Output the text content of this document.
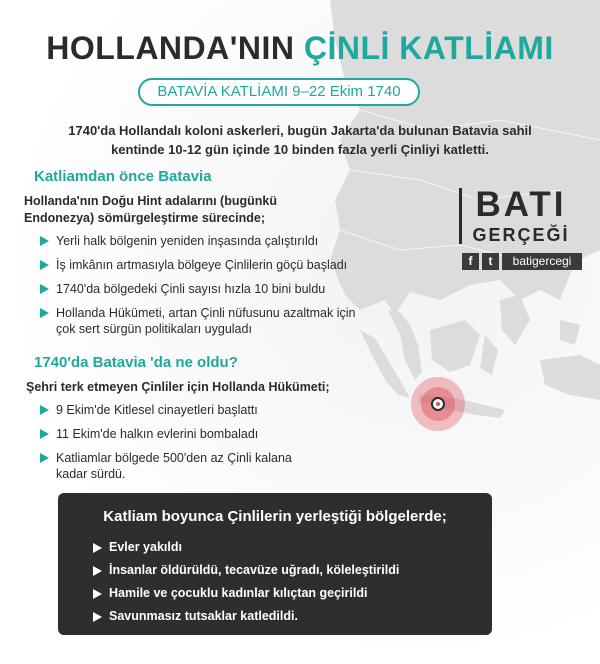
HOLLANDA'NIN ÇİNLİ KATLİAMI
BATAVİA KATLİAMI 9–22 Ekim 1740
1740'da Hollandalı koloni askerleri, bugün Jakarta'da bulunan Batavia sahil
kentinde 10-12 gün içinde 10 binden fazla yerli Çinliyi katletti.
Katliamdan önce Batavia
Hollanda'nın Doğu Hint adalarını (bugünkü
Endonezya) sömürgeleştirme sürecinde;
Yerli halk bölgenin yeniden inşasında çalıştırıldı
İş imkânın artmasıyla bölgeye Çinlilerin göçü başladı
1740'da bölgedeki Çinli sayısı hızla 10 bini buldu
Hollanda Hükümeti, artan Çinli nüfusunu azaltmak için
çok sert sürgün politikaları uyguladı
1740'da Batavia 'da ne oldu?
Şehri terk etmeyen Çinliler için Hollanda Hükümeti;
9 Ekim'de Kitlesel cinayetleri başlattı
11 Ekim'de halkın evlerini bombaladı
Katliamlar bölgede 500'den az Çinli kalana
kadar sürdü.
BATI
GERÇEĞİ
f	t	batigercegi
Katliam boyunca Çinlilerin yerleştiği bölgelerde;
Evler yakıldı
İnsanlar öldürüldü, tecavüze uğradı, köleleştirildi
Hamile ve çocuklu kadınlar kılıçtan geçirildi
Savunmasız tutsaklar katledildi.
